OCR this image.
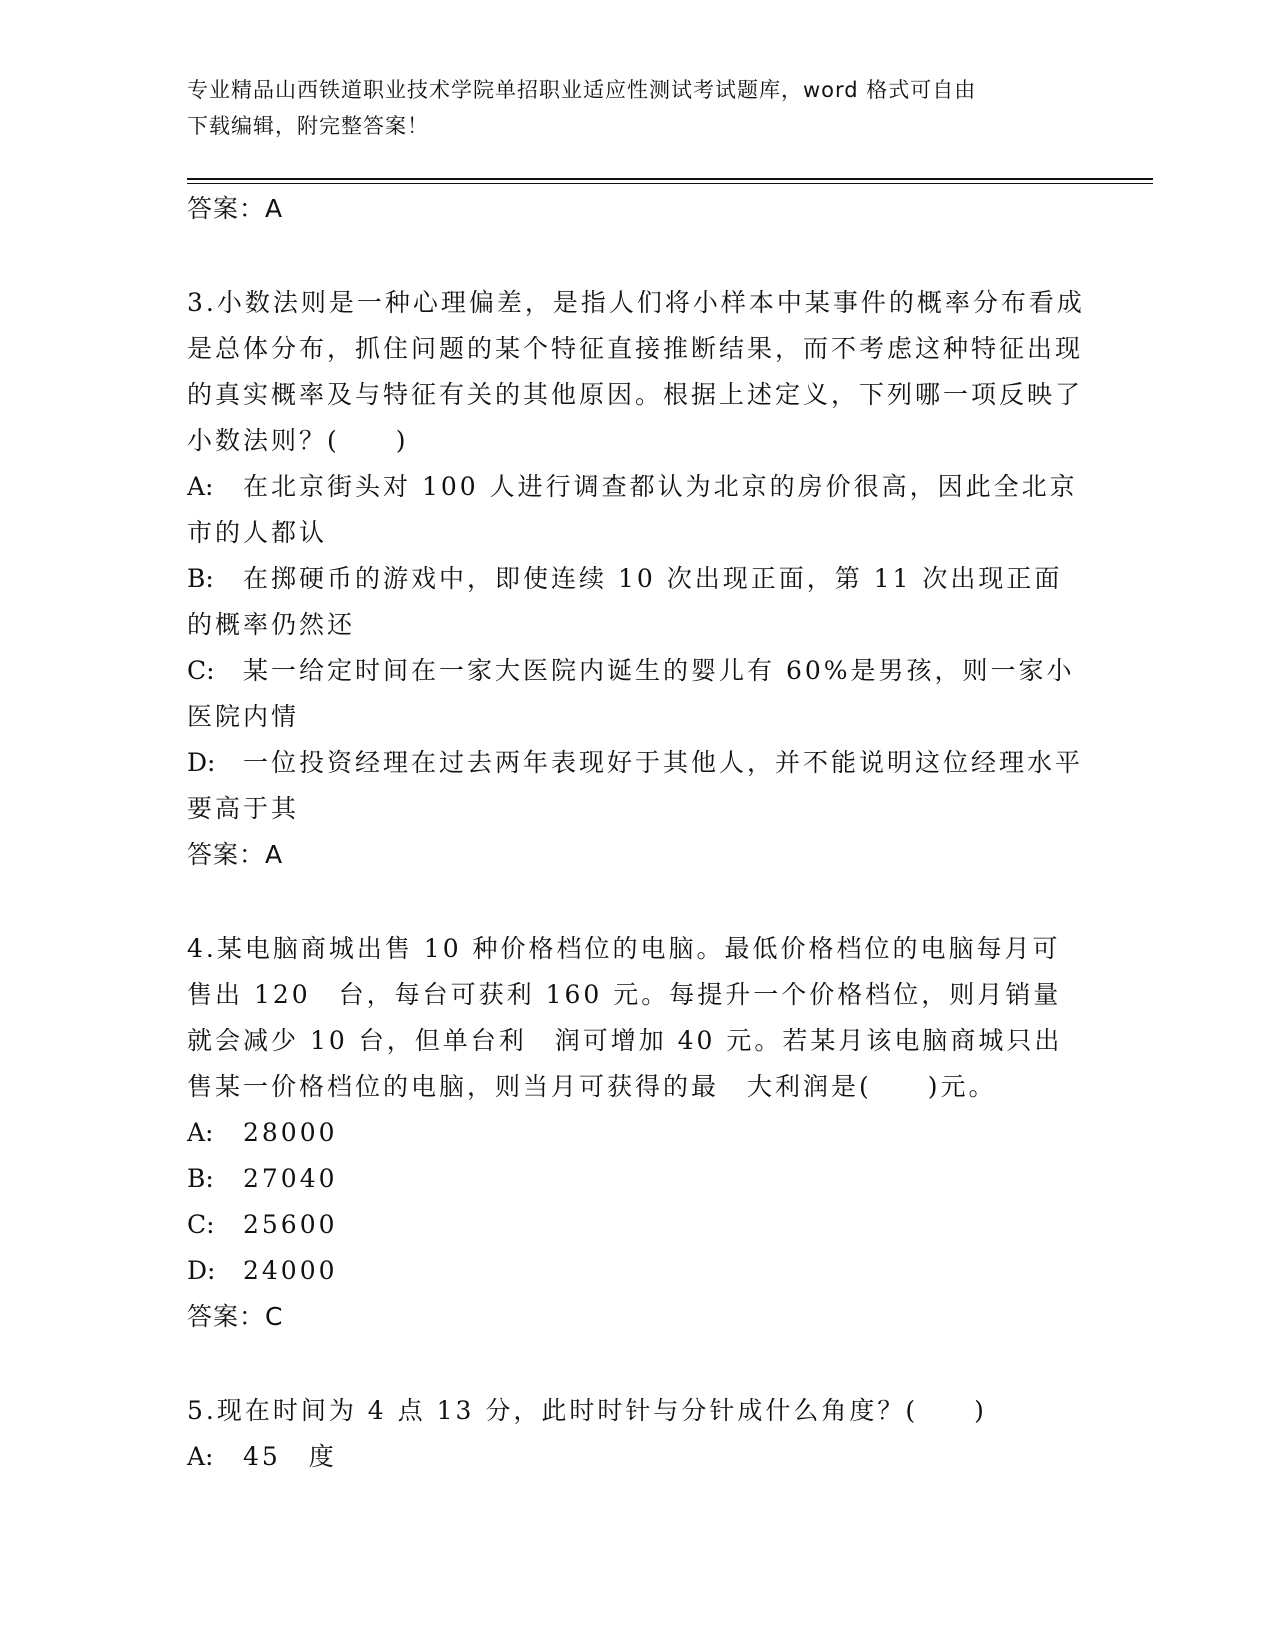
专业精品山西铁道职业技术学院单招职业适应性测试考试题库，word 格式可自由
下载编辑，附完整答案！
答案：A
3.小数法则是一种心理偏差，是指人们将小样本中某事件的概率分布看成是总体分布，抓住问题的某个特征直接推断结果，而不考虑这种特征出现的真实概率及与特征有关的其他原因。根据上述定义，下列哪一项反映了小数法则？(　　)
A: 在北京街头对 100 人进行调查都认为北京的房价很高，因此全北京市的人都认
B: 在掷硬币的游戏中，即使连续 10 次出现正面，第 11 次出现正面的概率仍然还
C: 某一给定时间在一家大医院内诞生的婴儿有 60%是男孩，则一家小医院内情
D: 一位投资经理在过去两年表现好于其他人，并不能说明这位经理水平要高于其
答案：A
4.某电脑商城出售 10 种价格档位的电脑。最低价格档位的电脑每月可售出 120　台，每台可获利 160 元。每提升一个价格档位，则月销量就会减少 10 台，但单台利　润可增加 40 元。若某月该电脑商城只出售某一价格档位的电脑，则当月可获得的最　大利润是(　　)元。
A: 28000
B: 27040
C: 25600
D: 24000
答案：C
5.现在时间为 4 点 13 分，此时时针与分针成什么角度？(　　)
A: 45　度
